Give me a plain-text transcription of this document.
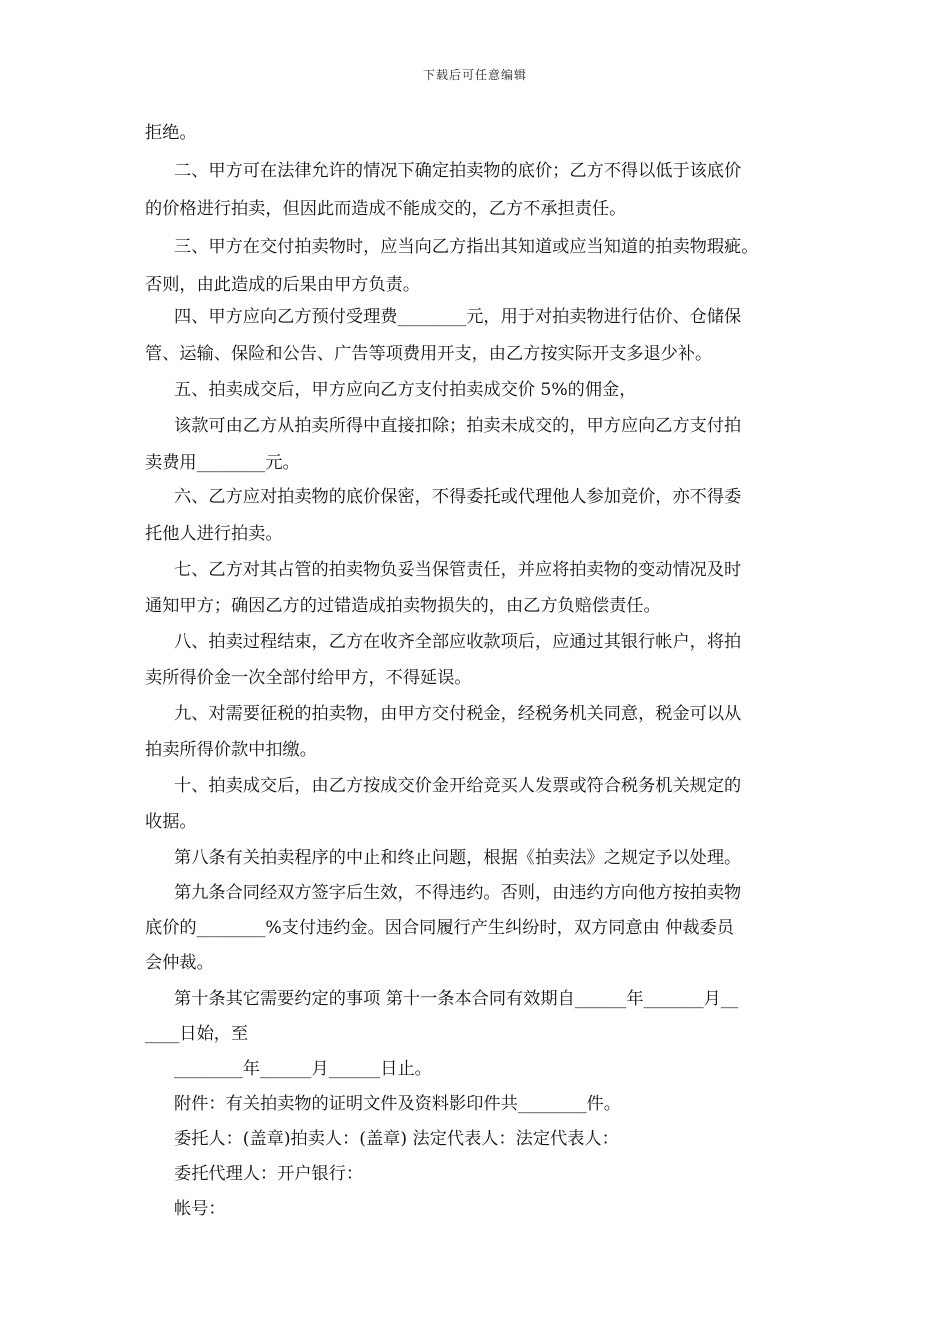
下载后可任意编辑
拒绝。
二、甲方可在法律允许的情况下确定拍卖物的底价；乙方不得以低于该底价
的价格进行拍卖，但因此而造成不能成交的，乙方不承担责任。
三、甲方在交付拍卖物时，应当向乙方指出其知道或应当知道的拍卖物瑕疵。
否则，由此造成的后果由甲方负责。
四、甲方应向乙方预付受理费________元，用于对拍卖物进行估价、仓储保
管、运输、保险和公告、广告等项费用开支，由乙方按实际开支多退少补。
五、拍卖成交后，甲方应向乙方支付拍卖成交价 5%的佣金，
该款可由乙方从拍卖所得中直接扣除；拍卖未成交的，甲方应向乙方支付拍
卖费用________元。
六、乙方应对拍卖物的底价保密，不得委托或代理他人参加竞价，亦不得委
托他人进行拍卖。
七、乙方对其占管的拍卖物负妥当保管责任，并应将拍卖物的变动情况及时
通知甲方；确因乙方的过错造成拍卖物损失的，由乙方负赔偿责任。
八、拍卖过程结束，乙方在收齐全部应收款项后，应通过其银行帐户，将拍
卖所得价金一次全部付给甲方，不得延误。
九、对需要征税的拍卖物，由甲方交付税金，经税务机关同意，税金可以从
拍卖所得价款中扣缴。
十、拍卖成交后，由乙方按成交价金开给竞买人发票或符合税务机关规定的
收据。
第八条有关拍卖程序的中止和终止问题，根据《拍卖法》之规定予以处理。
第九条合同经双方签字后生效，不得违约。否则，由违约方向他方按拍卖物
底价的________%支付违约金。因合同履行产生纠纷时，双方同意由 仲裁委员
会仲裁。
第十条其它需要约定的事项 第十一条本合同有效期自______年_______月__
____日始，至
________年______月______日止。
附件：有关拍卖物的证明文件及资料影印件共________件。
委托人：(盖章)拍卖人：(盖章) 法定代表人：法定代表人：
委托代理人：开户银行：
帐号：
